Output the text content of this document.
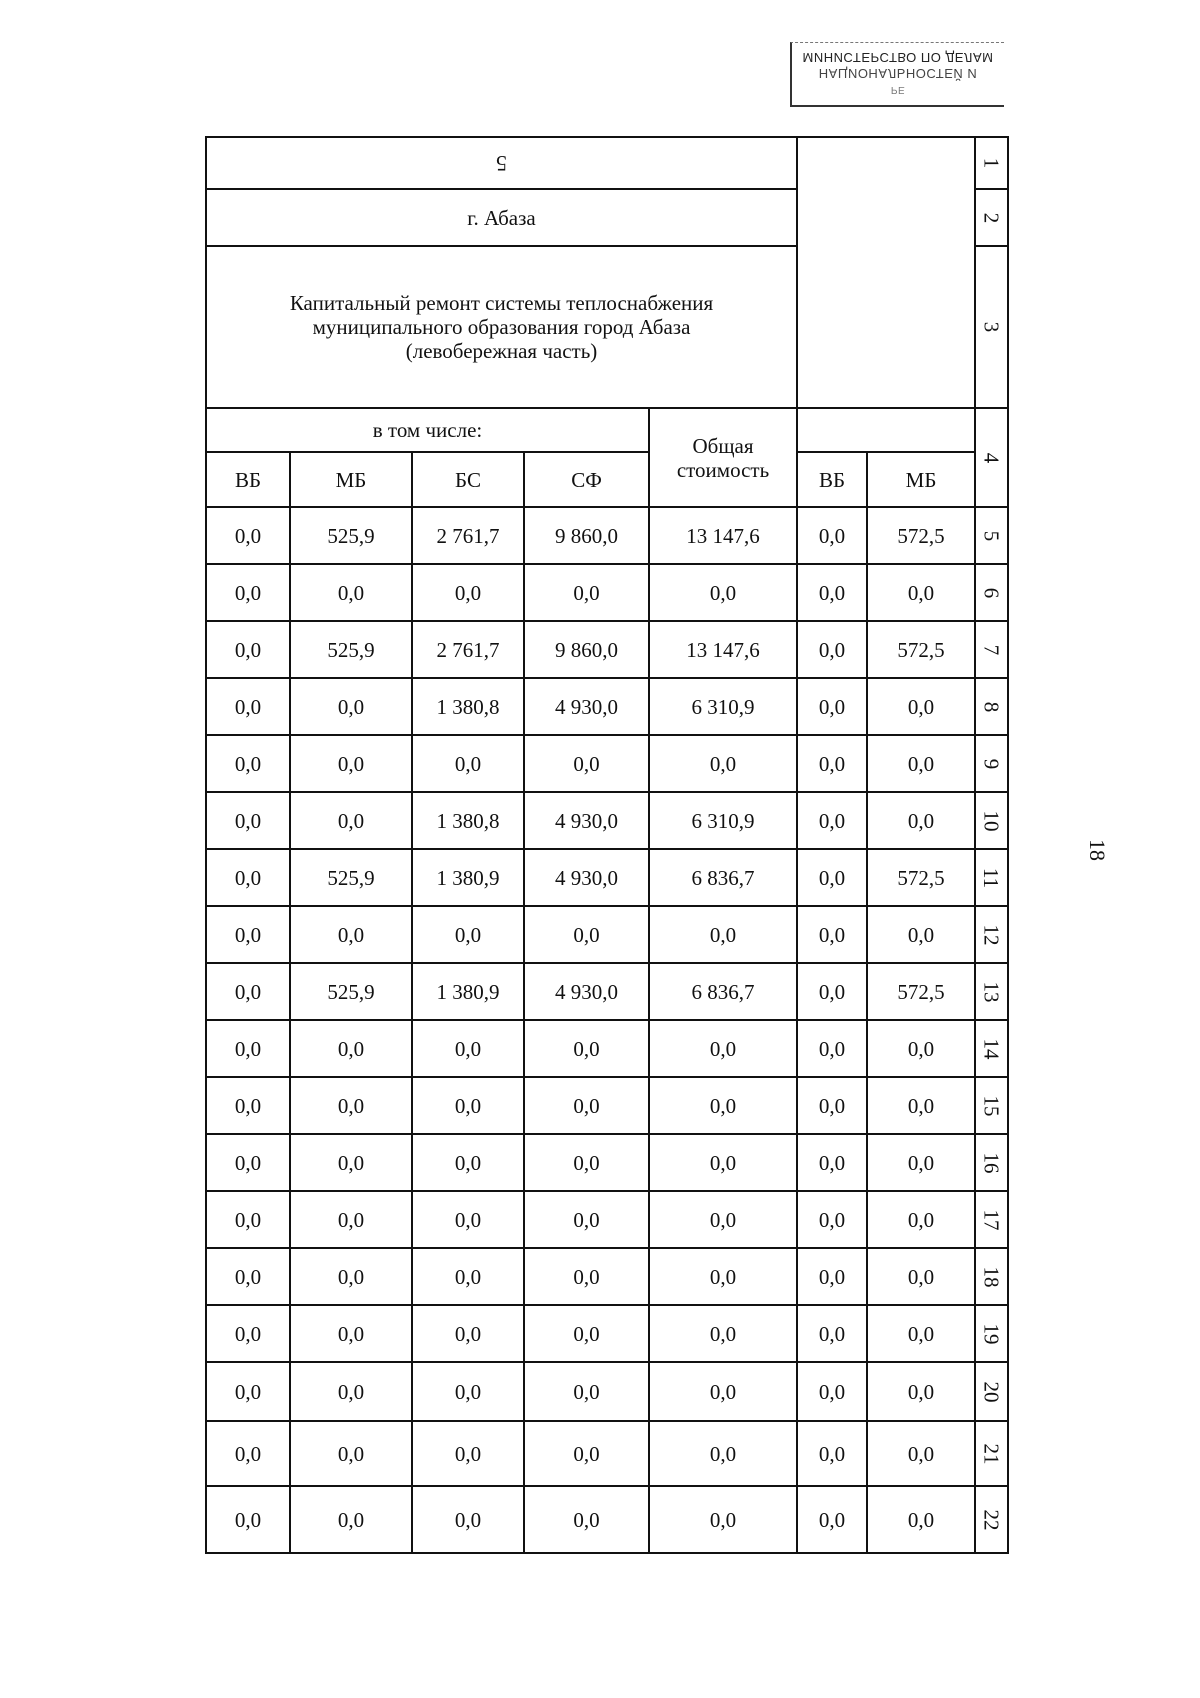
РЕ
НАЦИОНАЛЬНОСТЕЙ И
МИНИСТЕРСТВО ПО ДЕЛАМ
18
5							1
г. Абаза							2

Капитальный ремонт системы теплоснабжения
муниципального образования город Абаза
(левобережная часть)							3
в том числе:				Общая
стоимость			4
ВБ	МБ	БС	СФ		ВБ	МБ	
0,0	525,9	2 761,7	9 860,0	13 147,6	0,0	572,5	5
0,0	0,0	0,0	0,0	0,0	0,0	0,0	6
0,0	525,9	2 761,7	9 860,0	13 147,6	0,0	572,5	7
0,0	0,0	1 380,8	4 930,0	6 310,9	0,0	0,0	8
0,0	0,0	0,0	0,0	0,0	0,0	0,0	9
0,0	0,0	1 380,8	4 930,0	6 310,9	0,0	0,0	10
0,0	525,9	1 380,9	4 930,0	6 836,7	0,0	572,5	11
0,0	0,0	0,0	0,0	0,0	0,0	0,0	12
0,0	525,9	1 380,9	4 930,0	6 836,7	0,0	572,5	13
0,0	0,0	0,0	0,0	0,0	0,0	0,0	14
0,0	0,0	0,0	0,0	0,0	0,0	0,0	15
0,0	0,0	0,0	0,0	0,0	0,0	0,0	16
0,0	0,0	0,0	0,0	0,0	0,0	0,0	17
0,0	0,0	0,0	0,0	0,0	0,0	0,0	18
0,0	0,0	0,0	0,0	0,0	0,0	0,0	19
0,0	0,0	0,0	0,0	0,0	0,0	0,0	20
0,0	0,0	0,0	0,0	0,0	0,0	0,0	21
0,0	0,0	0,0	0,0	0,0	0,0	0,0	22
